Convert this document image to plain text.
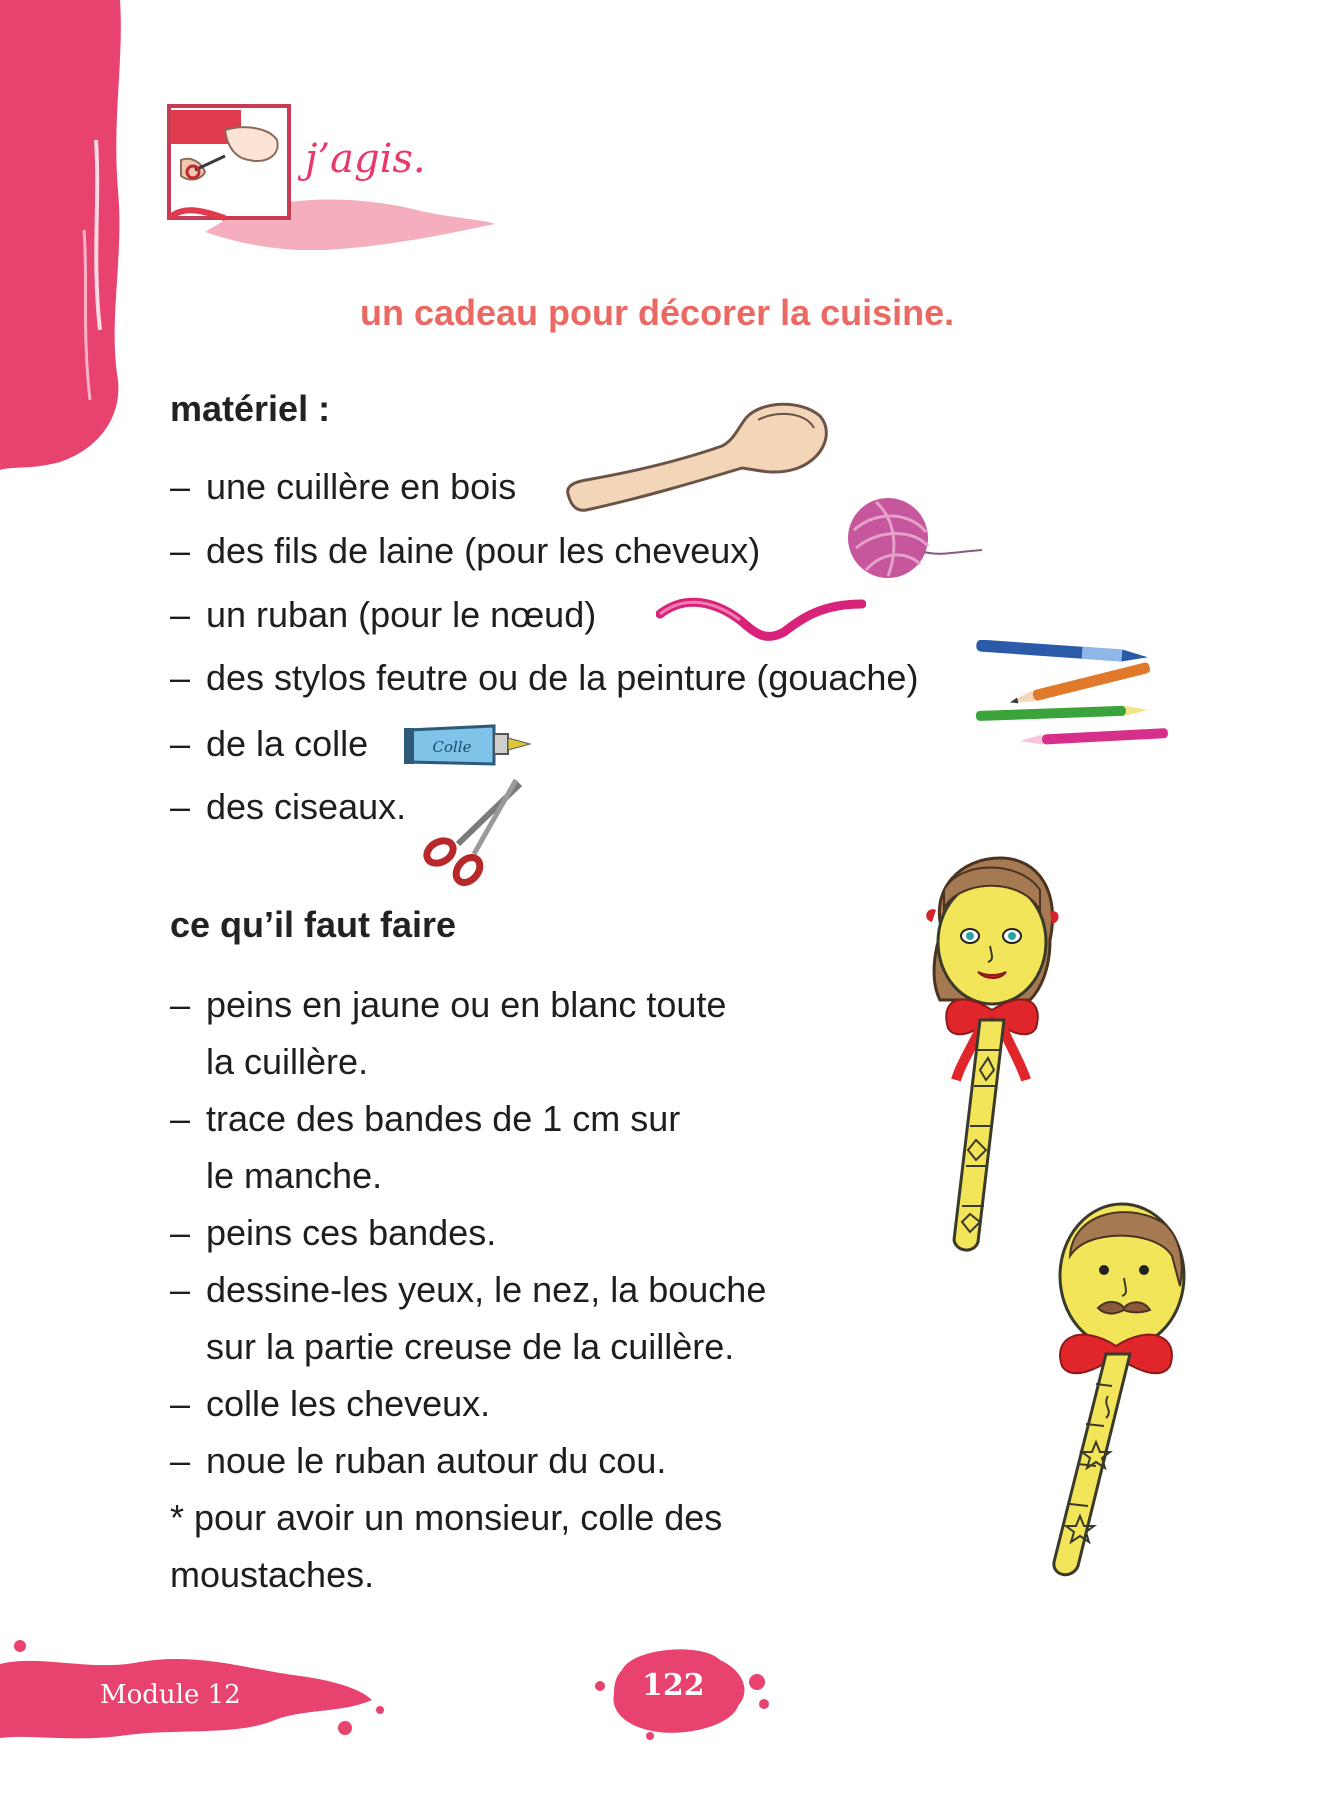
j’agis.
un cadeau pour décorer la cuisine.
matériel :
– une cuillère en bois
– des fils de laine (pour les cheveux)
– un ruban (pour le nœud)
– des stylos feutre ou de la peinture (gouache)
– de la colle
– des ciseaux.
Colle
ce qu’il faut faire
– peins en jaune ou en blanc toute
la cuillère.
– trace des bandes de 1 cm sur
le manche.
– peins ces bandes.
– dessine-les yeux, le nez, la bouche
sur la partie creuse de la cuillère.
– colle les cheveux.
– noue le ruban autour du cou.
* pour avoir un monsieur, colle des moustaches.
Module 12	122
